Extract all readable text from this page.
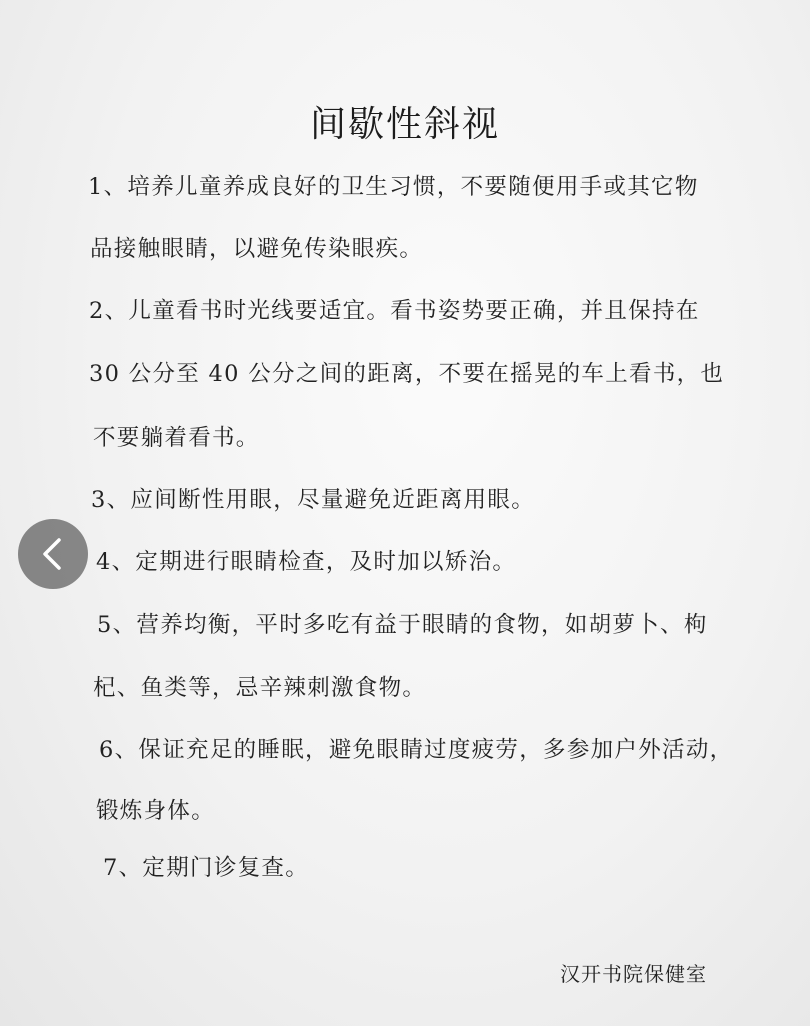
间歇性斜视
1、培养儿童养成良好的卫生习惯，不要随便用手或其它物
品接触眼睛，以避免传染眼疾。
2、儿童看书时光线要适宜。看书姿势要正确，并且保持在
30 公分至 40 公分之间的距离，不要在摇晃的车上看书，也
不要躺着看书。
3、应间断性用眼，尽量避免近距离用眼。
4、定期进行眼睛检查，及时加以矫治。
5、营养均衡，平时多吃有益于眼睛的食物，如胡萝卜、枸
杞、鱼类等，忌辛辣刺激食物。
6、保证充足的睡眠，避免眼睛过度疲劳，多参加户外活动，
锻炼身体。
7、定期门诊复查。
汉开书院保健室
